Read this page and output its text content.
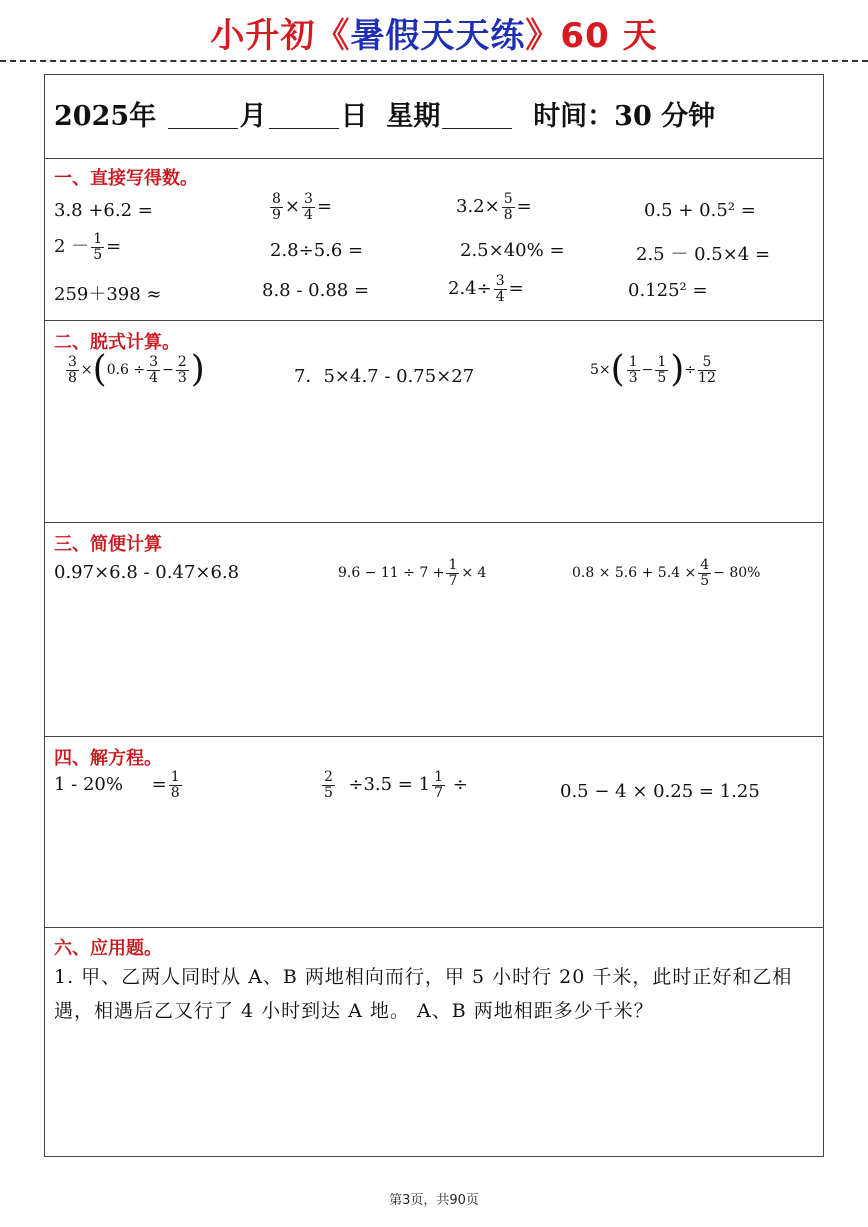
小升初《暑假天天练》60 天
2025年	月	日 星期	时间：30 分钟
一、直接写得数。
3.8 +6.2 =	$\frac{8}{9} \times \frac{3}{4}$ =	$3.2\times \frac{5}{8}$ =	0.5 + 0.5² =
$2 - \frac{1}{5}$ =	2.8÷5.6 =	2.5×40% =	2.5 － 0.5×4 =
259＋398 ≈	8.8 - 0.88 =	$2.4\div \frac{3}{4}$ =	0.125² =
二、脱式计算。
$\frac{3}{8} \times(0.6 \div \frac{3}{4} - \frac{2}{3}$ )	7．5×4.7 - 0.75×27	$5\times( \frac{1}{3} - \frac{1}{5}$ )÷ $\frac{5}{12}$
三、简便计算
0.97×6.8 - 0.47×6.8	$9.6 - 11 \div 7 + \frac{1}{7} \times 4$	$0.8 \times 5.6 + 5.4 \times \frac{4}{5} - 80\%$
四、解方程。
$1 - 20\% = \frac{1}{8}$	$\frac{2}{5} \div 3.5 = 1 \frac{1}{7}$ ÷	0.5 − 4 × 0.25 = 1.25
六、应用题。
1. 甲、乙两人同时从 A、B 两地相向而行，甲 5 小时行 20 千米，此时正好和乙相遇，相遇后乙又行了 4 小时到达 A 地。 A、B 两地相距多少千米？
第3页，共90页
